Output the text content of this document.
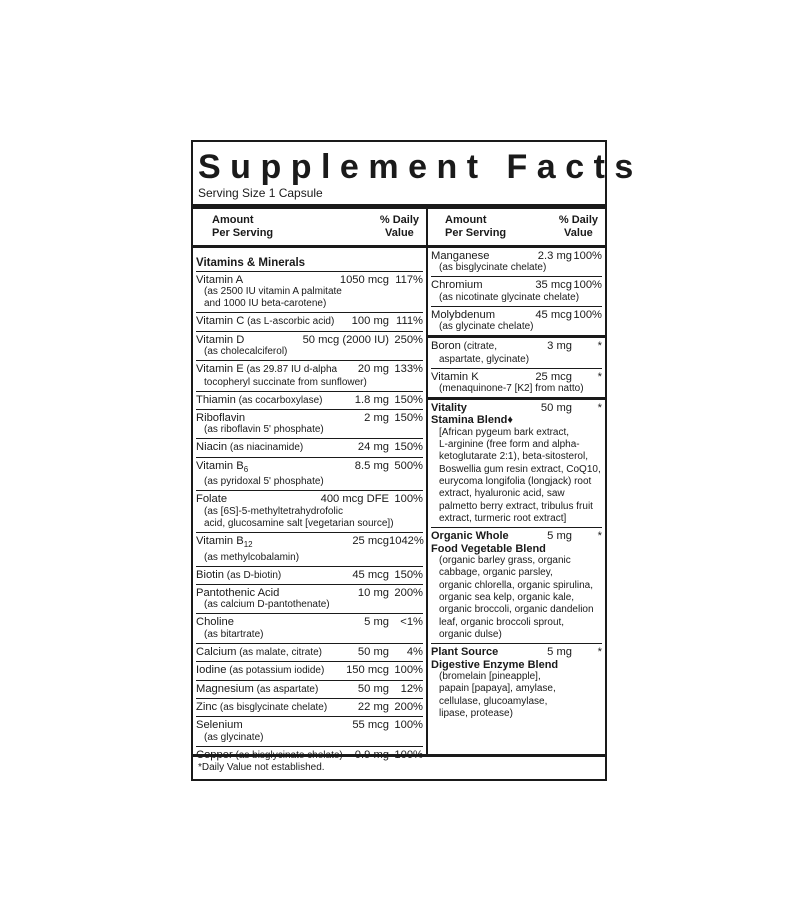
Supplement Facts
Serving Size 1 Capsule
Amount
Per Serving
% Daily
Value
Vitamins & Minerals
Vitamin A	1050 mcg 117%
(as 2500 IU vitamin A palmitate
and 1000 IU beta-carotene)
Vitamin C (as L-ascorbic acid)	100 mg 111%
Vitamin D	50 mcg (2000 IU) 250%
(as cholecalciferol)
Vitamin E (as 29.87 IU d-alpha	20 mg 133%
tocopheryl succinate from sunflower)
Thiamin (as cocarboxylase)	1.8 mg 150%
Riboflavin	2 mg 150%
(as riboflavin 5' phosphate)
Niacin (as niacinamide)	24 mg 150%
Vitamin $B_6$	8.5 mg 500%
(as pyridoxal 5' phosphate)
Folate	400 mcg DFE 100%
(as [6S]-5-methyltetrahydrofolic
acid, glucosamine salt [vegetarian source])
Vitamin $B_{12}$	25 mcg 1042%
(as methylcobalamin)
Biotin (as D-biotin)	45 mcg 150%
Pantothenic Acid	10 mg 200%
(as calcium D-pantothenate)
Choline	5 mg	<1%
(as bitartrate)
Calcium (as malate, citrate)	50 mg	4%
Iodine (as potassium iodide)	150 mcg 100%
Magnesium (as aspartate)	50 mg	12%
Zinc (as bisglycinate chelate)	22 mg 200%
Selenium	55 mcg 100%
(as glycinate)
Amount
Per Serving
% Daily
Value
Manganese	2.3 mg 100%
(as bisglycinate chelate)
Chromium	35 mcg 100%
(as nicotinate glycinate chelate)
Molybdenum	45 mcg 100%
(as glycinate chelate)
Boron (citrate,	3 mg	*
aspartate, glycinate)
Vitamin K	25 mcg	*
(menaquinone-7 [K2] from natto)
Vitality	50 mg	*
Stamina Blend♦
[African pygeum bark extract,
L-arginine (free form and alpha-
ketoglutarate 2:1), beta-sitosterol,
Boswellia gum resin extract, CoQ10,
eurycoma longifolia (longjack) root
extract, hyaluronic acid, saw
palmetto berry extract, tribulus fruit
extract, turmeric root extract]
Organic Whole	5 mg	*
Food Vegetable Blend
(organic barley grass, organic
cabbage, organic parsley,
organic chlorella, organic spirulina,
organic sea kelp, organic kale,
organic broccoli, organic dandelion
leaf, organic broccoli sprout,
organic dulse)
Plant Source	5 mg	*
Digestive Enzyme Blend
(bromelain [pineapple],
papain [papaya], amylase,
cellulase, glucoamylase,
lipase, protease)
*Daily Value not established.
